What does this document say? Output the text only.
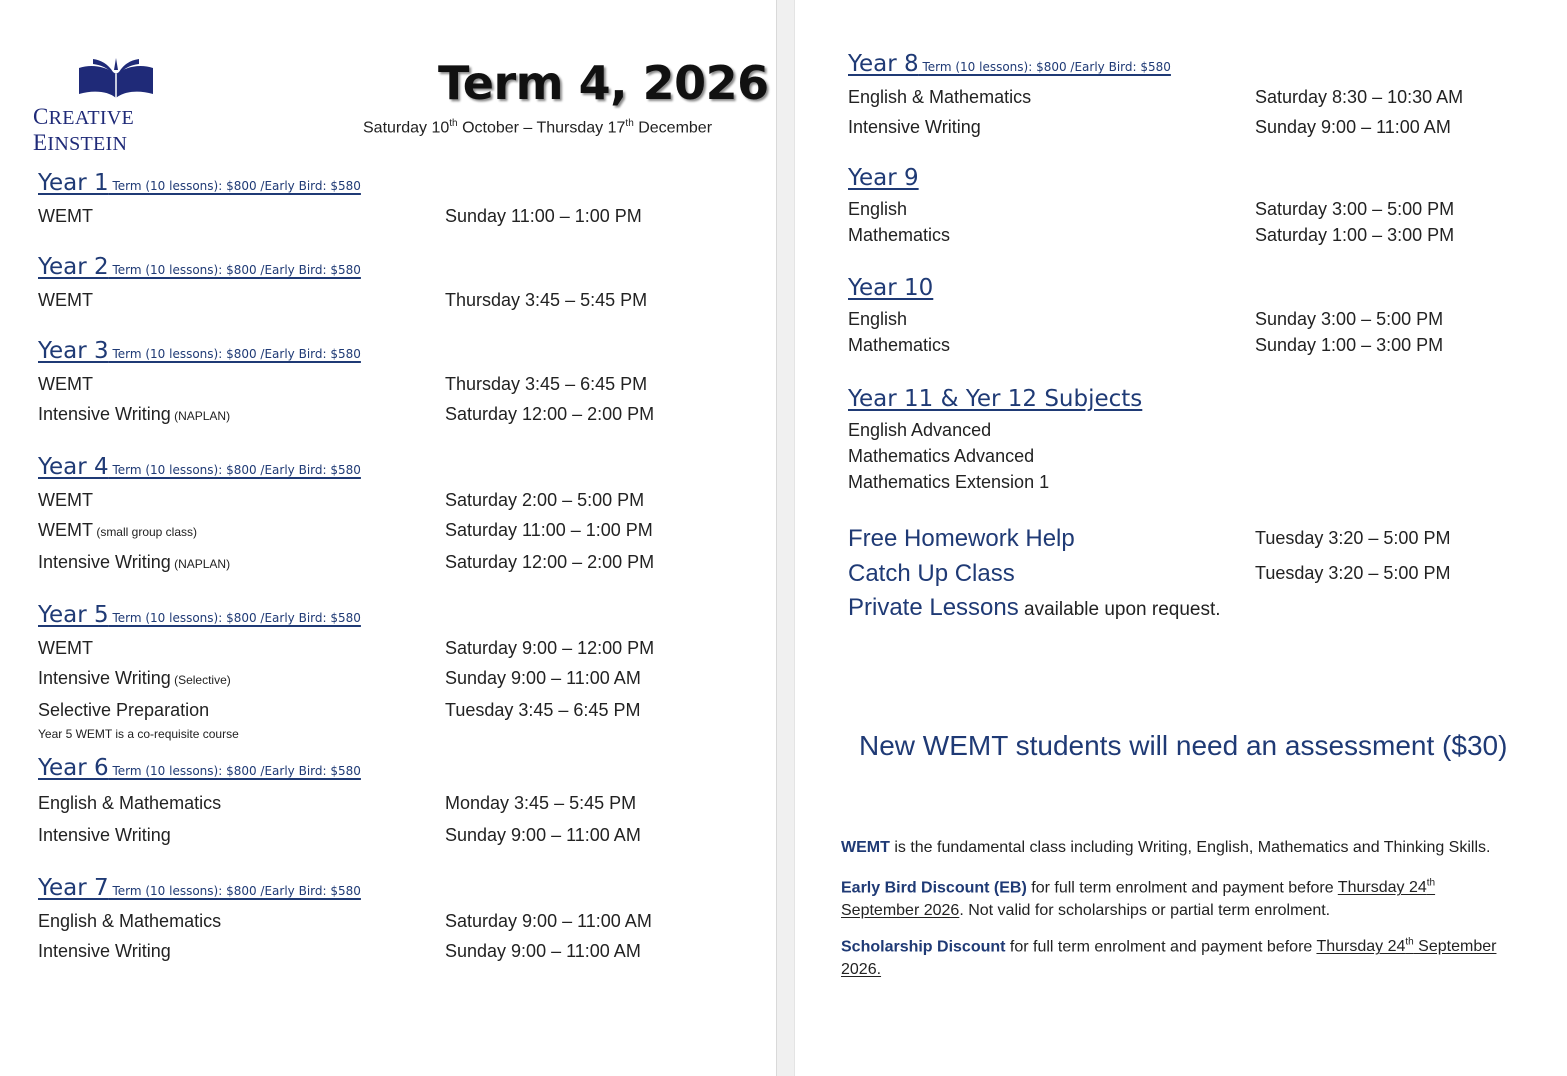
CREATIVE EINSTEIN
Term 4, 2026
Saturday 10th October – Thursday 17th December
Year 1 Term (10 lessons): $800 /Early Bird: $580
WEMT	Sunday 11:00 – 1:00 PM
Year 2 Term (10 lessons): $800 /Early Bird: $580
WEMT	Thursday 3:45 – 5:45 PM
Year 3 Term (10 lessons): $800 /Early Bird: $580
WEMT	Thursday 3:45 – 6:45 PM
Intensive Writing (NAPLAN)	Saturday 12:00 – 2:00 PM
Year 4 Term (10 lessons): $800 /Early Bird: $580
WEMT	Saturday 2:00 – 5:00 PM
WEMT (small group class)	Saturday 11:00 – 1:00 PM
Intensive Writing (NAPLAN)	Saturday 12:00 – 2:00 PM
Year 5 Term (10 lessons): $800 /Early Bird: $580
WEMT	Saturday 9:00 – 12:00 PM
Intensive Writing (Selective)	Sunday 9:00 – 11:00 AM
Selective Preparation	Tuesday 3:45 – 6:45 PM
Year 5 WEMT is a co-requisite course
Year 6 Term (10 lessons): $800 /Early Bird: $580
English & Mathematics	Monday 3:45 – 5:45 PM
Intensive Writing	Sunday 9:00 – 11:00 AM
Year 7 Term (10 lessons): $800 /Early Bird: $580
English & Mathematics	Saturday 9:00 – 11:00 AM
Intensive Writing	Sunday 9:00 – 11:00 AM
Year 8 Term (10 lessons): $800 /Early Bird: $580
English & Mathematics	Saturday 8:30 – 10:30 AM
Intensive Writing	Sunday 9:00 – 11:00 AM
Year 9
English	Saturday 3:00 – 5:00 PM
Mathematics	Saturday 1:00 – 3:00 PM
Year 10
English	Sunday 3:00 – 5:00 PM
Mathematics	Sunday 1:00 – 3:00 PM
Year 11 & Yer 12 Subjects
English Advanced
Mathematics Advanced
Mathematics Extension 1
Free Homework Help	Tuesday 3:20 – 5:00 PM
Catch Up Class	Tuesday 3:20 – 5:00 PM
Private Lessons available upon request.
New WEMT students will need an assessment ($30)
WEMT is the fundamental class including Writing, English, Mathematics and Thinking Skills.
Early Bird Discount (EB) for full term enrolment and payment before Thursday 24th
September 2026. Not valid for scholarships or partial term enrolment.
Scholarship Discount for full term enrolment and payment before Thursday 24th September
2026.
